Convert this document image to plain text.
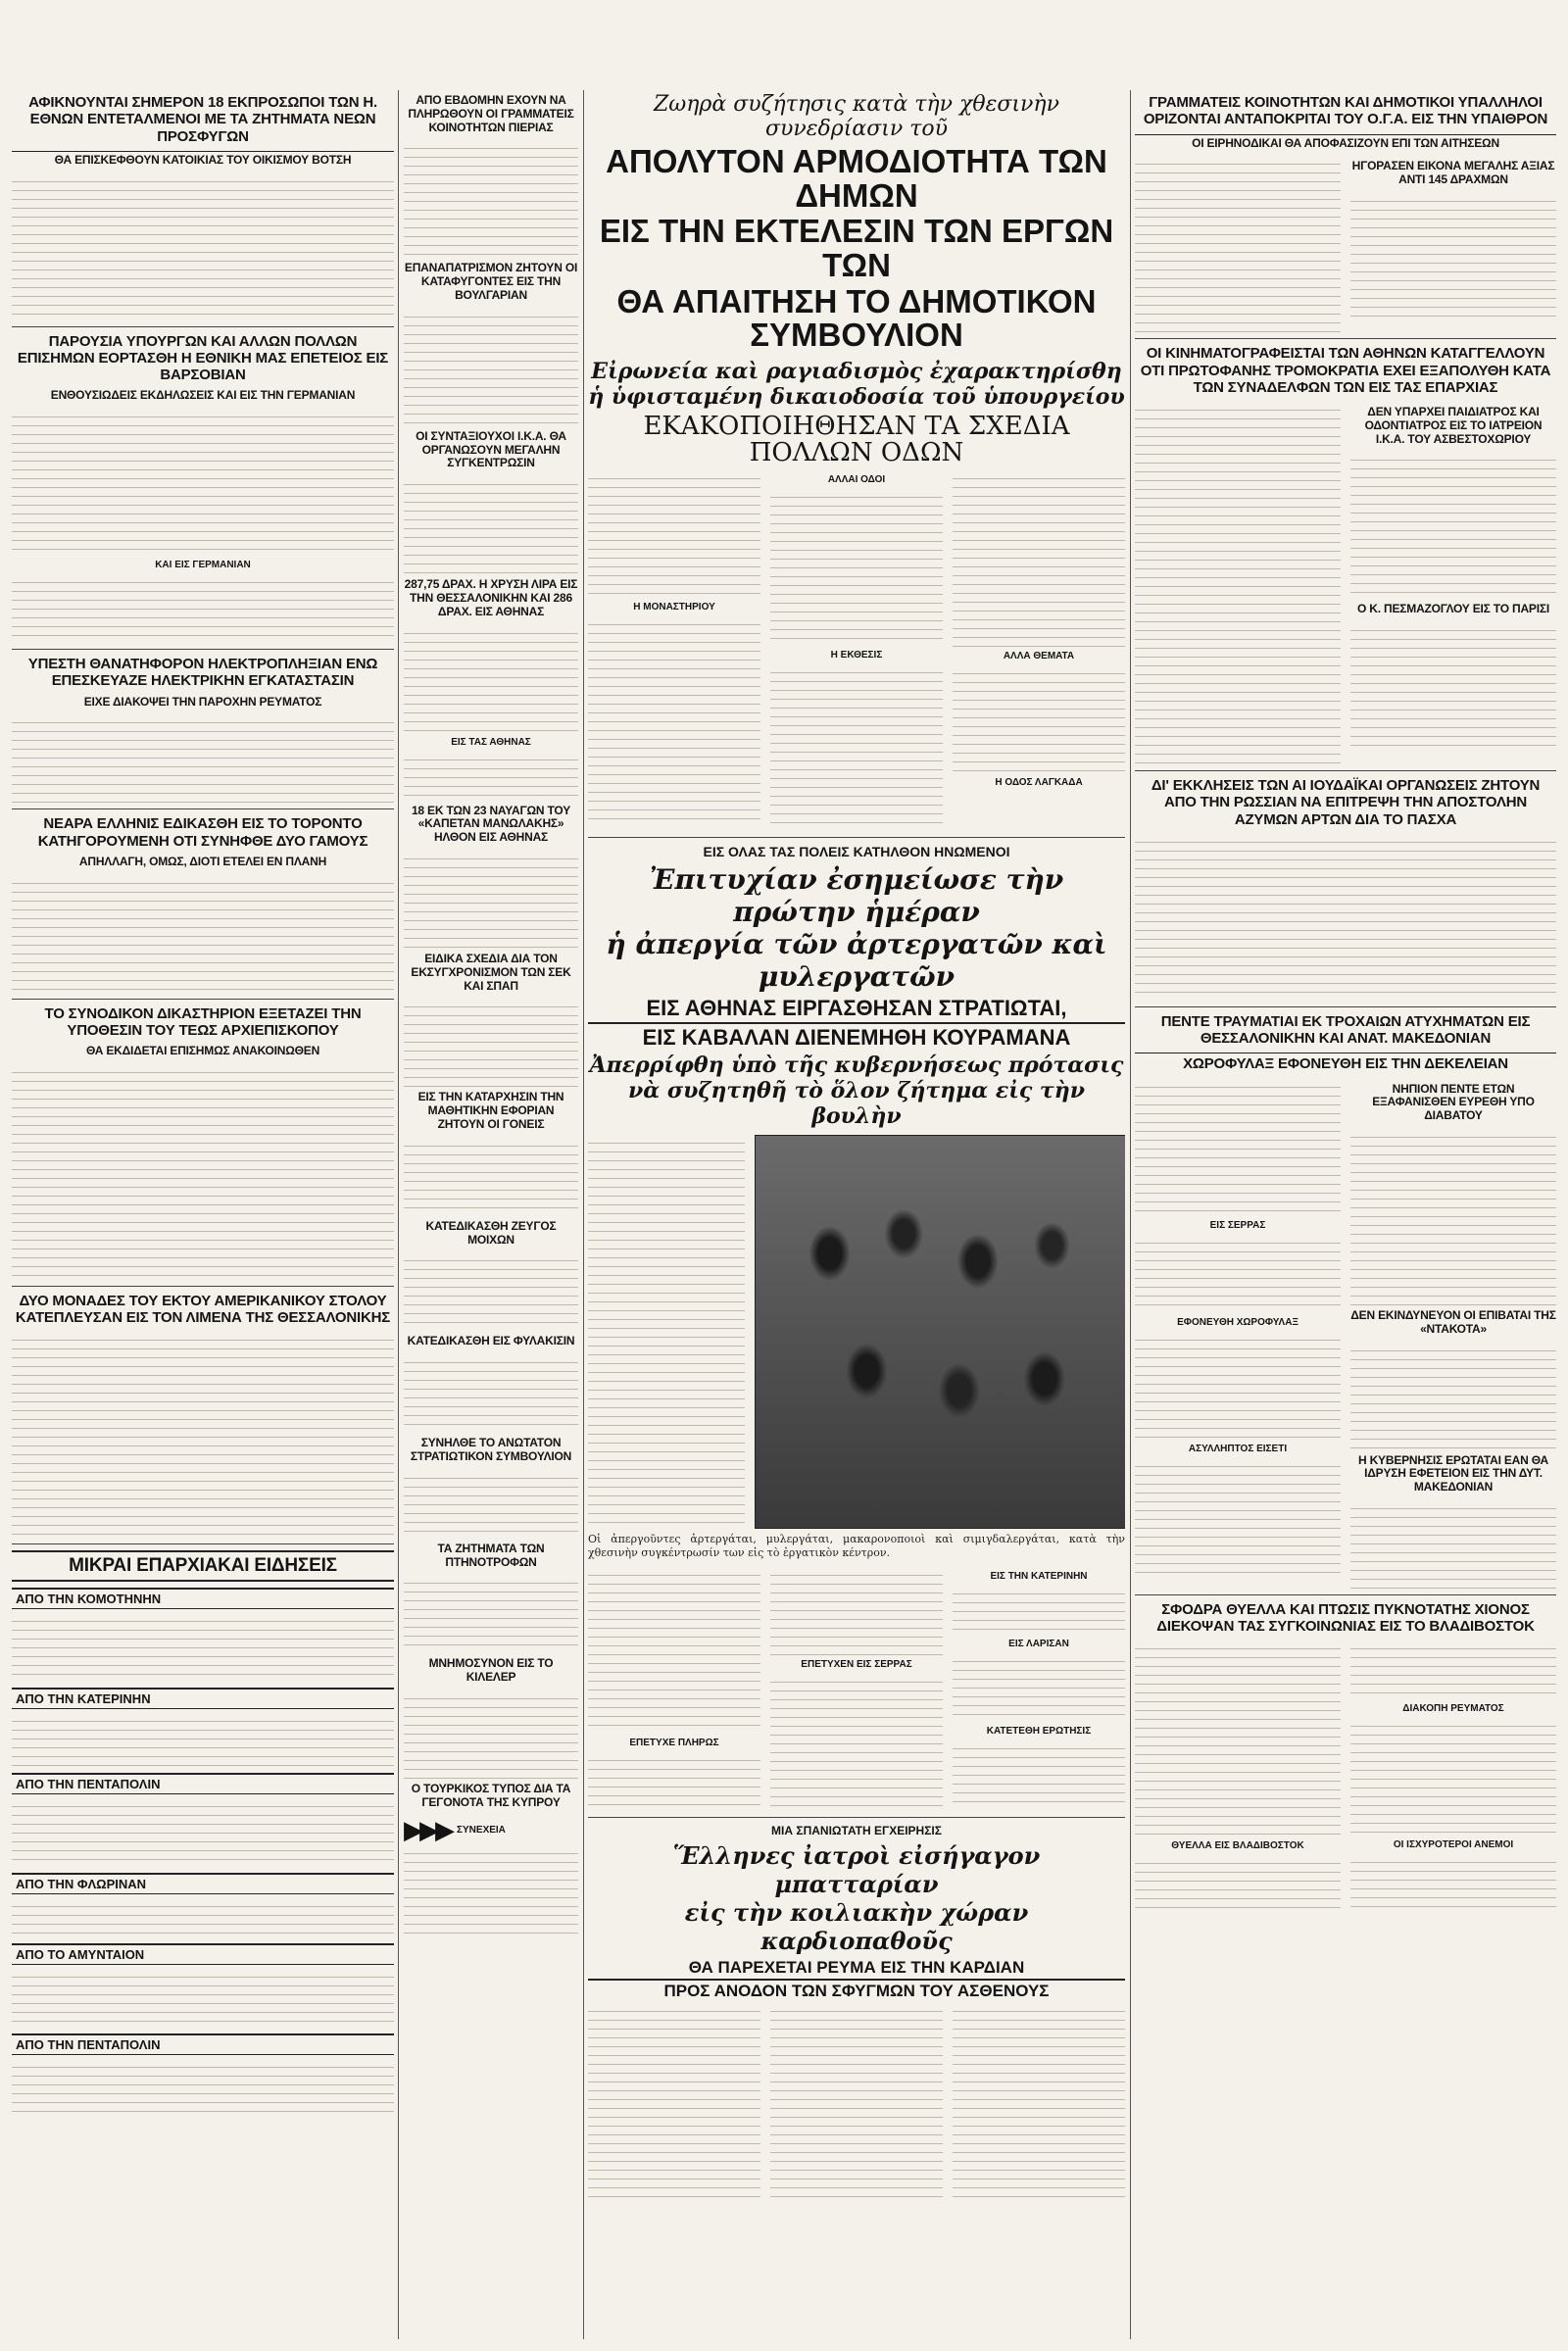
ΑΦΙΚΝΟΥΝΤΑΙ ΣΗΜΕΡΟΝ 18 ΕΚΠΡΟΣΩΠΟΙ ΤΩΝ Η. ΕΘΝΩΝ ΕΝΤΕΤΑΛΜΕΝΟΙ ΜΕ ΤΑ ΖΗΤΗΜΑΤΑ ΝΕΩΝ ΠΡΟΣΦΥΓΩΝ
ΘΑ ΕΠΙΣΚΕΦΘΟΥΝ ΚΑΤΟΙΚΙΑΣ ΤΟΥ ΟΙΚΙΣΜΟΥ ΒΟΤΣΗ
ΠΑΡΟΥΣΙΑ ΥΠΟΥΡΓΩΝ ΚΑΙ ΑΛΛΩΝ ΠΟΛΛΩΝ ΕΠΙΣΗΜΩΝ ΕΟΡΤΑΣΘΗ Η ΕΘΝΙΚΗ ΜΑΣ ΕΠΕΤΕΙΟΣ ΕΙΣ ΒΑΡΣΟΒΙΑΝ
ΕΝΘΟΥΣΙΩΔΕΙΣ ΕΚΔΗΛΩΣΕΙΣ ΚΑΙ ΕΙΣ ΤΗΝ ΓΕΡΜΑΝΙΑΝ
ΚΑΙ ΕΙΣ ΓΕΡΜΑΝΙΑΝ
ΥΠΕΣΤΗ ΘΑΝΑΤΗΦΟΡΟΝ ΗΛΕΚΤΡΟΠΛΗΞΙΑΝ ΕΝΩ ΕΠΕΣΚΕΥΑΖΕ ΗΛΕΚΤΡΙΚΗΝ ΕΓΚΑΤΑΣΤΑΣΙΝ
ΕΙΧΕ ΔΙΑΚΟΨΕΙ ΤΗΝ ΠΑΡΟΧΗΝ ΡΕΥΜΑΤΟΣ
ΝΕΑΡΑ ΕΛΛΗΝΙΣ ΕΔΙΚΑΣΘΗ ΕΙΣ ΤΟ ΤΟΡΟΝΤΟ ΚΑΤΗΓΟΡΟΥΜΕΝΗ ΟΤΙ ΣΥΝΗΦΘΕ ΔΥΟ ΓΑΜΟΥΣ
ΑΠΗΛΛΑΓΗ, ΟΜΩΣ, ΔΙΟΤΙ ΕΤΕΛΕΙ ΕΝ ΠΛΑΝΗ
ΤΟ ΣΥΝΟΔΙΚΟΝ ΔΙΚΑΣΤΗΡΙΟΝ ΕΞΕΤΑΖΕΙ ΤΗΝ ΥΠΟΘΕΣΙΝ ΤΟΥ ΤΕΩΣ ΑΡΧΙΕΠΙΣΚΟΠΟΥ
ΘΑ ΕΚΔΙΔΕΤΑΙ ΕΠΙΣΗΜΩΣ ΑΝΑΚΟΙΝΩΘΕΝ
ΔΥΟ ΜΟΝΑΔΕΣ ΤΟΥ ΕΚΤΟΥ ΑΜΕΡΙΚΑΝΙΚΟΥ ΣΤΟΛΟΥ ΚΑΤΕΠΛΕΥΣΑΝ ΕΙΣ ΤΟΝ ΛΙΜΕΝΑ ΤΗΣ ΘΕΣΣΑΛΟΝΙΚΗΣ
ΜΙΚΡΑΙ ΕΠΑΡΧΙΑΚΑΙ ΕΙΔΗΣΕΙΣ
ΑΠΟ ΤΗΝ ΚΟΜΟΤΗΝΗΝ
ΑΠΟ ΤΗΝ ΚΑΤΕΡΙΝΗΝ
ΑΠΟ ΤΗΝ ΠΕΝΤΑΠΟΛΙΝ
ΑΠΟ ΤΗΝ ΦΛΩΡΙΝΑΝ
ΑΠΟ ΤΟ ΑΜΥΝΤΑΙΟΝ
ΑΠΟ ΤΗΝ ΠΕΝΤΑΠΟΛΙΝ
ΑΠΟ ΕΒΔΟΜΗΝ ΕΧΟΥΝ ΝΑ ΠΛΗΡΩΘΟΥΝ ΟΙ ΓΡΑΜΜΑΤΕΙΣ ΚΟΙΝΟΤΗΤΩΝ ΠΙΕΡΙΑΣ
ΕΠΑΝΑΠΑΤΡΙΣΜΟΝ ΖΗΤΟΥΝ ΟΙ ΚΑΤΑΦΥΓΟΝΤΕΣ ΕΙΣ ΤΗΝ ΒΟΥΛΓΑΡΙΑΝ
ΟΙ ΣΥΝΤΑΞΙΟΥΧΟΙ Ι.Κ.Α. ΘΑ ΟΡΓΑΝΩΣΟΥΝ ΜΕΓΑΛΗΝ ΣΥΓΚΕΝΤΡΩΣΙΝ
287,75 ΔΡΑΧ. Η ΧΡΥΣΗ ΛΙΡΑ ΕΙΣ ΤΗΝ ΘΕΣΣΑΛΟΝΙΚΗΝ ΚΑΙ 286 ΔΡΑΧ. ΕΙΣ ΑΘΗΝΑΣ
ΕΙΣ ΤΑΣ ΑΘΗΝΑΣ
18 ΕΚ ΤΩΝ 23 ΝΑΥΑΓΩΝ ΤΟΥ «ΚΑΠΕΤΑΝ ΜΑΝΩΛΑΚΗΣ» ΗΛΘΟΝ ΕΙΣ ΑΘΗΝΑΣ
ΕΙΔΙΚΑ ΣΧΕΔΙΑ ΔΙΑ ΤΟΝ ΕΚΣΥΓΧΡΟΝΙΣΜΟΝ ΤΩΝ ΣΕΚ ΚΑΙ ΣΠΑΠ
ΕΙΣ ΤΗΝ ΚΑΤΑΡΧΗΣΙΝ ΤΗΝ ΜΑΘΗΤΙΚΗΝ ΕΦΟΡΙΑΝ ΖΗΤΟΥΝ ΟΙ ΓΟΝΕΙΣ
ΚΑΤΕΔΙΚΑΣΘΗ ΖΕΥΓΟΣ ΜΟΙΧΩΝ
ΚΑΤΕΔΙΚΑΣΘΗ ΕΙΣ ΦΥΛΑΚΙΣΙΝ
ΣΥΝΗΛΘΕ ΤΟ ΑΝΩΤΑΤΟΝ ΣΤΡΑΤΙΩΤΙΚΟΝ ΣΥΜΒΟΥΛΙΟΝ
ΤΑ ΖΗΤΗΜΑΤΑ ΤΩΝ ΠΤΗΝΟΤΡΟΦΩΝ
ΜΝΗΜΟΣΥΝΟΝ ΕΙΣ ΤΟ ΚΙΛΕΛΕΡ
Ο ΤΟΥΡΚΙΚΟΣ ΤΥΠΟΣ ΔΙΑ ΤΑ ΓΕΓΟΝΟΤΑ ΤΗΣ ΚΥΠΡΟΥ
▶▶▶ ΣΥΝΕΧΕΙΑ
Ζωηρὰ συζήτησις κατὰ τὴν χθεσινὴν συνεδρίασιν τοῦ
ΑΠΟΛΥΤΟΝ ΑΡΜΟΔΙΟΤΗΤΑ ΤΩΝ ΔΗΜΩΝ
ΕΙΣ ΤΗΝ ΕΚΤΕΛΕΣΙΝ ΤΩΝ ΕΡΓΩΝ ΤΩΝ
ΘΑ ΑΠΑΙΤΗΣΗ ΤΟ ΔΗΜΟΤΙΚΟΝ ΣΥΜΒΟΥΛΙΟΝ
Εἰρωνεία καὶ ραγιαδισμὸς ἐχαρακτηρίσθη
ἡ ὑφισταμένη δικαιοδοσία τοῦ ὑπουργείου
ΕΚΑΚΟΠΟΙΗΘΗΣΑΝ ΤΑ ΣΧΕΔΙΑ ΠΟΛΛΩΝ ΟΔΩΝ
Η ΜΟΝΑΣΤΗΡΙΟΥ
ΑΛΛΑΙ ΟΔΟΙ
Η ΕΚΘΕΣΙΣ	ΑΛΛΑ ΘΕΜΑΤΑ
Η ΟΔΟΣ ΛΑΓΚΑΔΑ
ΕΙΣ ΟΛΑΣ ΤΑΣ ΠΟΛΕΙΣ ΚΑΤΗΛΘΟΝ ΗΝΩΜΕΝΟΙ
Ἐπιτυχίαν ἐσημείωσε τὴν πρώτην ἡμέραν
ἡ ἀπεργία τῶν ἀρτεργατῶν καὶ μυλεργατῶν
ΕΙΣ ΑΘΗΝΑΣ ΕΙΡΓΑΣΘΗΣΑΝ ΣΤΡΑΤΙΩΤΑΙ,
ΕΙΣ ΚΑΒΑΛΑΝ ΔΙΕΝΕΜΗΘΗ ΚΟΥΡΑΜΑΝΑ
Ἀπερρίφθη ὑπὸ τῆς κυβερνήσεως πρότασις
νὰ συζητηθῆ τὸ ὅλον ζήτημα εἰς τὴν βουλὴν
Οἱ ἀπεργοῦντες ἀρτεργάται, μυλεργάται, μακαρονοποιοὶ καὶ σιμιγδαλεργάται, κατὰ τὴν χθεσινὴν συγκέντρωσίν των εἰς τὸ ἐργατικὸν κέντρον.
ΕΠΕΤΥΧΕ ΠΛΗΡΩΣ
ΕΠΕΤΥΧΕΝ ΕΙΣ ΣΕΡΡΑΣ
ΕΙΣ ΤΗΝ ΚΑΤΕΡΙΝΗΝ
ΕΙΣ ΛΑΡΙΣΑΝ
ΚΑΤΕΤΕΘΗ ΕΡΩΤΗΣΙΣ
ΜΙΑ ΣΠΑΝΙΩΤΑΤΗ ΕΓΧΕΙΡΗΣΙΣ
Ἕλληνες ἰατροὶ εἰσήγαγον μπατταρίαν
εἰς τὴν κοιλιακὴν χώραν καρδιοπαθοῦς
ΘΑ ΠΑΡΕΧΕΤΑΙ ΡΕΥΜΑ ΕΙΣ ΤΗΝ ΚΑΡΔΙΑΝ
ΠΡΟΣ ΑΝΟΔΟΝ ΤΩΝ ΣΦΥΓΜΩΝ ΤΟΥ ΑΣΘΕΝΟΥΣ
ΓΡΑΜΜΑΤΕΙΣ ΚΟΙΝΟΤΗΤΩΝ ΚΑΙ ΔΗΜΟΤΙΚΟΙ ΥΠΑΛΛΗΛΟΙ ΟΡΙΖΟΝΤΑΙ ΑΝΤΑΠΟΚΡΙΤΑΙ ΤΟΥ Ο.Γ.Α. ΕΙΣ ΤΗΝ ΥΠΑΙΘΡΟΝ
ΟΙ ΕΙΡΗΝΟΔΙΚΑΙ ΘΑ ΑΠΟΦΑΣΙΖΟΥΝ ΕΠΙ ΤΩΝ ΑΙΤΗΣΕΩΝ
ΗΓΟΡΑΣΕΝ ΕΙΚΟΝΑ ΜΕΓΑΛΗΣ ΑΞΙΑΣ ΑΝΤΙ 145 ΔΡΑΧΜΩΝ
ΟΙ ΚΙΝΗΜΑΤΟΓΡΑΦΕΙΣΤΑΙ ΤΩΝ ΑΘΗΝΩΝ ΚΑΤΑΓΓΕΛΛΟΥΝ ΟΤΙ ΠΡΩΤΟΦΑΝΗΣ ΤΡΟΜΟΚΡΑΤΙΑ ΕΧΕΙ ΕΞΑΠΟΛΥΘΗ ΚΑΤΑ ΤΩΝ ΣΥΝΑΔΕΛΦΩΝ ΤΩΝ ΕΙΣ ΤΑΣ ΕΠΑΡΧΙΑΣ
ΔΕΝ ΥΠΑΡΧΕΙ ΠΑΙΔΙΑΤΡΟΣ ΚΑΙ ΟΔΟΝΤΙΑΤΡΟΣ ΕΙΣ ΤΟ ΙΑΤΡΕΙΟΝ Ι.Κ.Α. ΤΟΥ ΑΣΒΕΣΤΟΧΩΡΙΟΥ
Ο Κ. ΠΕΣΜΑΖΟΓΛΟΥ ΕΙΣ ΤΟ ΠΑΡΙΣΙ
ΔΙ' ΕΚΚΛΗΣΕΙΣ ΤΩΝ ΑΙ ΙΟΥΔΑΪΚΑΙ ΟΡΓΑΝΩΣΕΙΣ ΖΗΤΟΥΝ ΑΠΟ ΤΗΝ ΡΩΣΣΙΑΝ ΝΑ ΕΠΙΤΡΕΨΗ ΤΗΝ ΑΠΟΣΤΟΛΗΝ ΑΖΥΜΩΝ ΑΡΤΩΝ ΔΙΑ ΤΟ ΠΑΣΧΑ
ΠΕΝΤΕ ΤΡΑΥΜΑΤΙΑΙ ΕΚ ΤΡΟΧΑΙΩΝ ΑΤΥΧΗΜΑΤΩΝ ΕΙΣ ΘΕΣΣΑΛΟΝΙΚΗΝ ΚΑΙ ΑΝΑΤ. ΜΑΚΕΔΟΝΙΑΝ
ΧΩΡΟΦΥΛΑΞ ΕΦΟΝΕΥΘΗ ΕΙΣ ΤΗΝ ΔΕΚΕΛΕΙΑΝ
ΕΙΣ ΣΕΡΡΑΣ
ΕΦΟΝΕΥΘΗ ΧΩΡΟΦΥΛΑΞ
ΑΣΥΛΛΗΠΤΟΣ ΕΙΣΕΤΙ
ΝΗΠΙΟΝ ΠΕΝΤΕ ΕΤΩΝ ΕΞΑΦΑΝΙΣΘΕΝ ΕΥΡΕΘΗ ΥΠΟ ΔΙΑΒΑΤΟΥ
ΔΕΝ ΕΚΙΝΔΥΝΕΥΟΝ ΟΙ ΕΠΙΒΑΤΑΙ ΤΗΣ «ΝΤΑΚΟΤΑ»
Η ΚΥΒΕΡΝΗΣΙΣ ΕΡΩΤΑΤΑΙ ΕΑΝ ΘΑ ΙΔΡΥΣΗ ΕΦΕΤΕΙΟΝ ΕΙΣ ΤΗΝ ΔΥΤ. ΜΑΚΕΔΟΝΙΑΝ
ΣΦΟΔΡΑ ΘΥΕΛΛΑ ΚΑΙ ΠΤΩΣΙΣ ΠΥΚΝΟΤΑΤΗΣ ΧΙΟΝΟΣ ΔΙΕΚΟΨΑΝ ΤΑΣ ΣΥΓΚΟΙΝΩΝΙΑΣ ΕΙΣ ΤΟ ΒΛΑΔΙΒΟΣΤΟΚ
ΘΥΕΛΛΑ ΕΙΣ ΒΛΑΔΙΒΟΣΤΟΚ
ΔΙΑΚΟΠΗ ΡΕΥΜΑΤΟΣ
ΟΙ ΙΣΧΥΡΟΤΕΡΟΙ ΑΝΕΜΟΙ
